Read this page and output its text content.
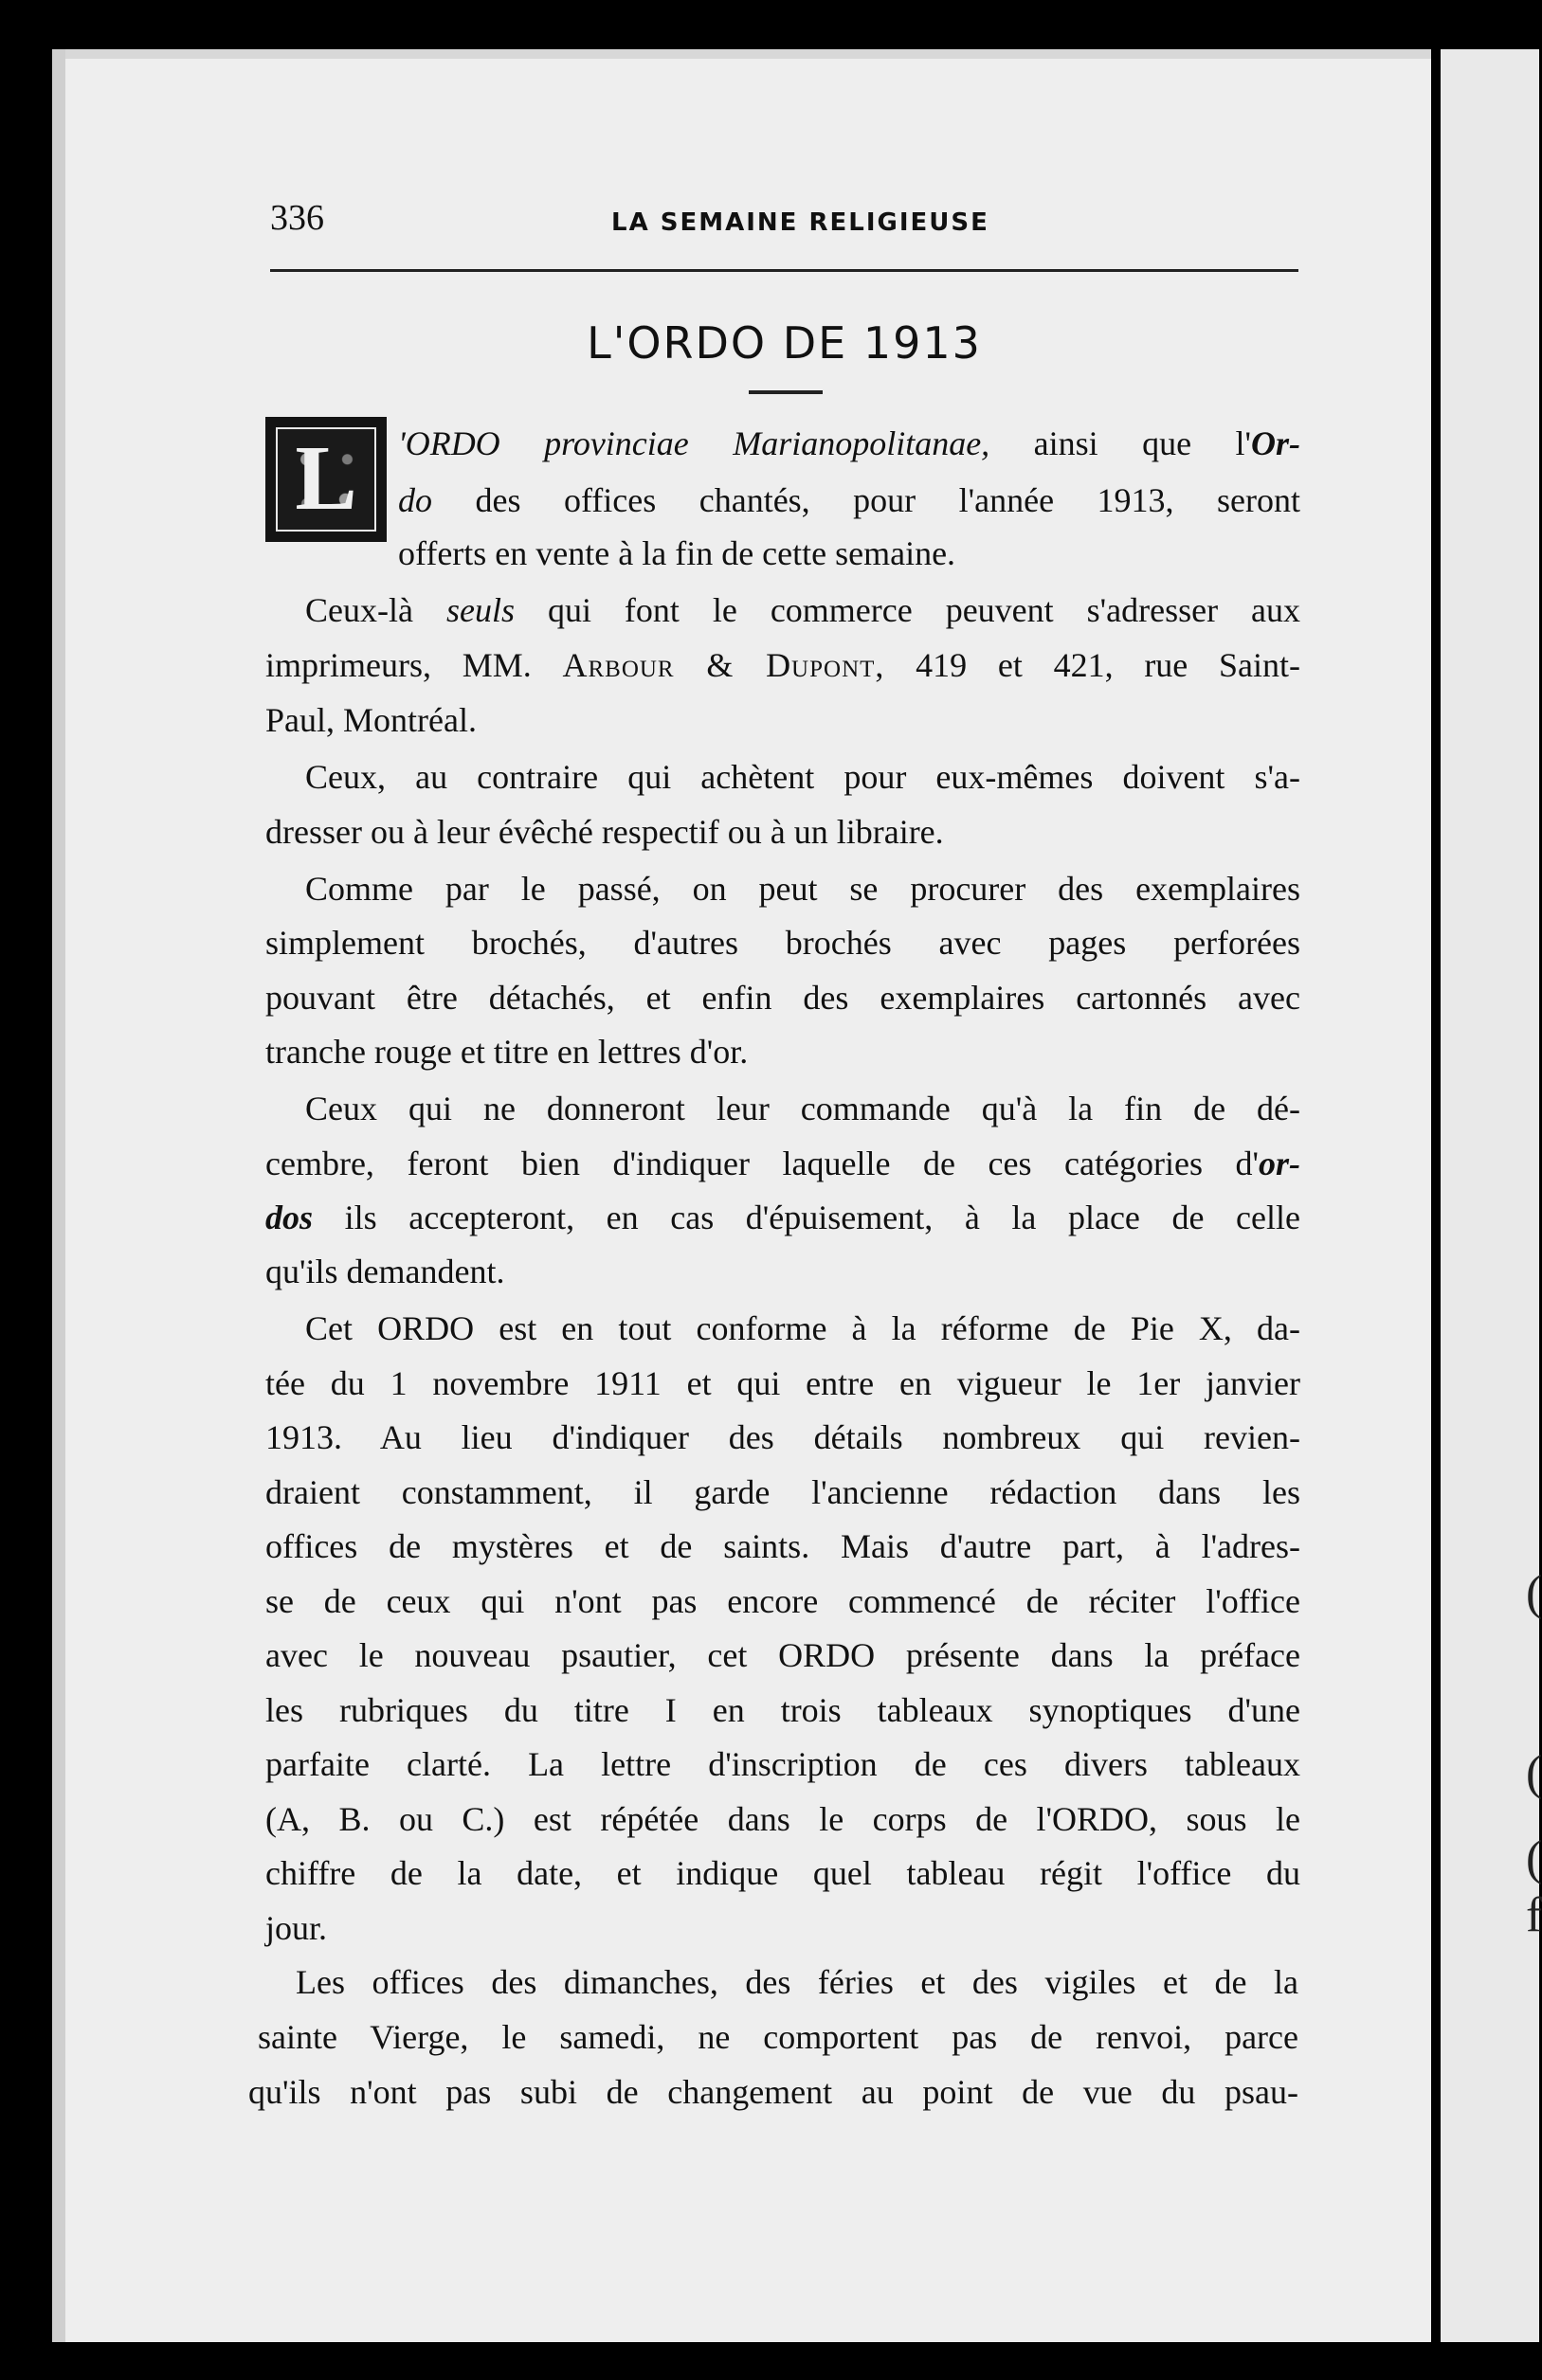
(
(
(
f
336	LA SEMAINE RELIGIEUSE
L'ORDO DE 1913
L	'ORDO provinciae Marianopolitanae, ainsi que l'Or-
do des offices chantés, pour l'année 1913, seront
offerts en vente à la fin de cette semaine.
Ceux-là seuls qui font le commerce peuvent s'adresser aux
imprimeurs, MM. Arbour & Dupont, 419 et 421, rue Saint-
Paul, Montréal.
Ceux, au contraire qui achètent pour eux-mêmes doivent s'a-
dresser ou à leur évêché respectif ou à un libraire.
Comme par le passé, on peut se procurer des exemplaires
simplement brochés, d'autres brochés avec pages perforées
pouvant être détachés, et enfin des exemplaires cartonnés avec
tranche rouge et titre en lettres d'or.
Ceux qui ne donneront leur commande qu'à la fin de dé-
cembre, feront bien d'indiquer laquelle de ces catégories d'or-
dos ils accepteront, en cas d'épuisement, à la place de celle
qu'ils demandent.
Cet ORDO est en tout conforme à la réforme de Pie X, da-
tée du 1 novembre 1911 et qui entre en vigueur le 1er janvier
1913. Au lieu d'indiquer des détails nombreux qui revien-
draient constamment, il garde l'ancienne rédaction dans les
offices de mystères et de saints. Mais d'autre part, à l'adres-
se de ceux qui n'ont pas encore commencé de réciter l'office
avec le nouveau psautier, cet ORDO présente dans la préface
les rubriques du titre I en trois tableaux synoptiques d'une
parfaite clarté. La lettre d'inscription de ces divers tableaux
(A, B. ou C.) est répétée dans le corps de l'ORDO, sous le
chiffre de la date, et indique quel tableau régit l'office du
jour.
Les offices des dimanches, des féries et des vigiles et de la
sainte Vierge, le samedi, ne comportent pas de renvoi, parce
qu'ils n'ont pas subi de changement au point de vue du psau-
